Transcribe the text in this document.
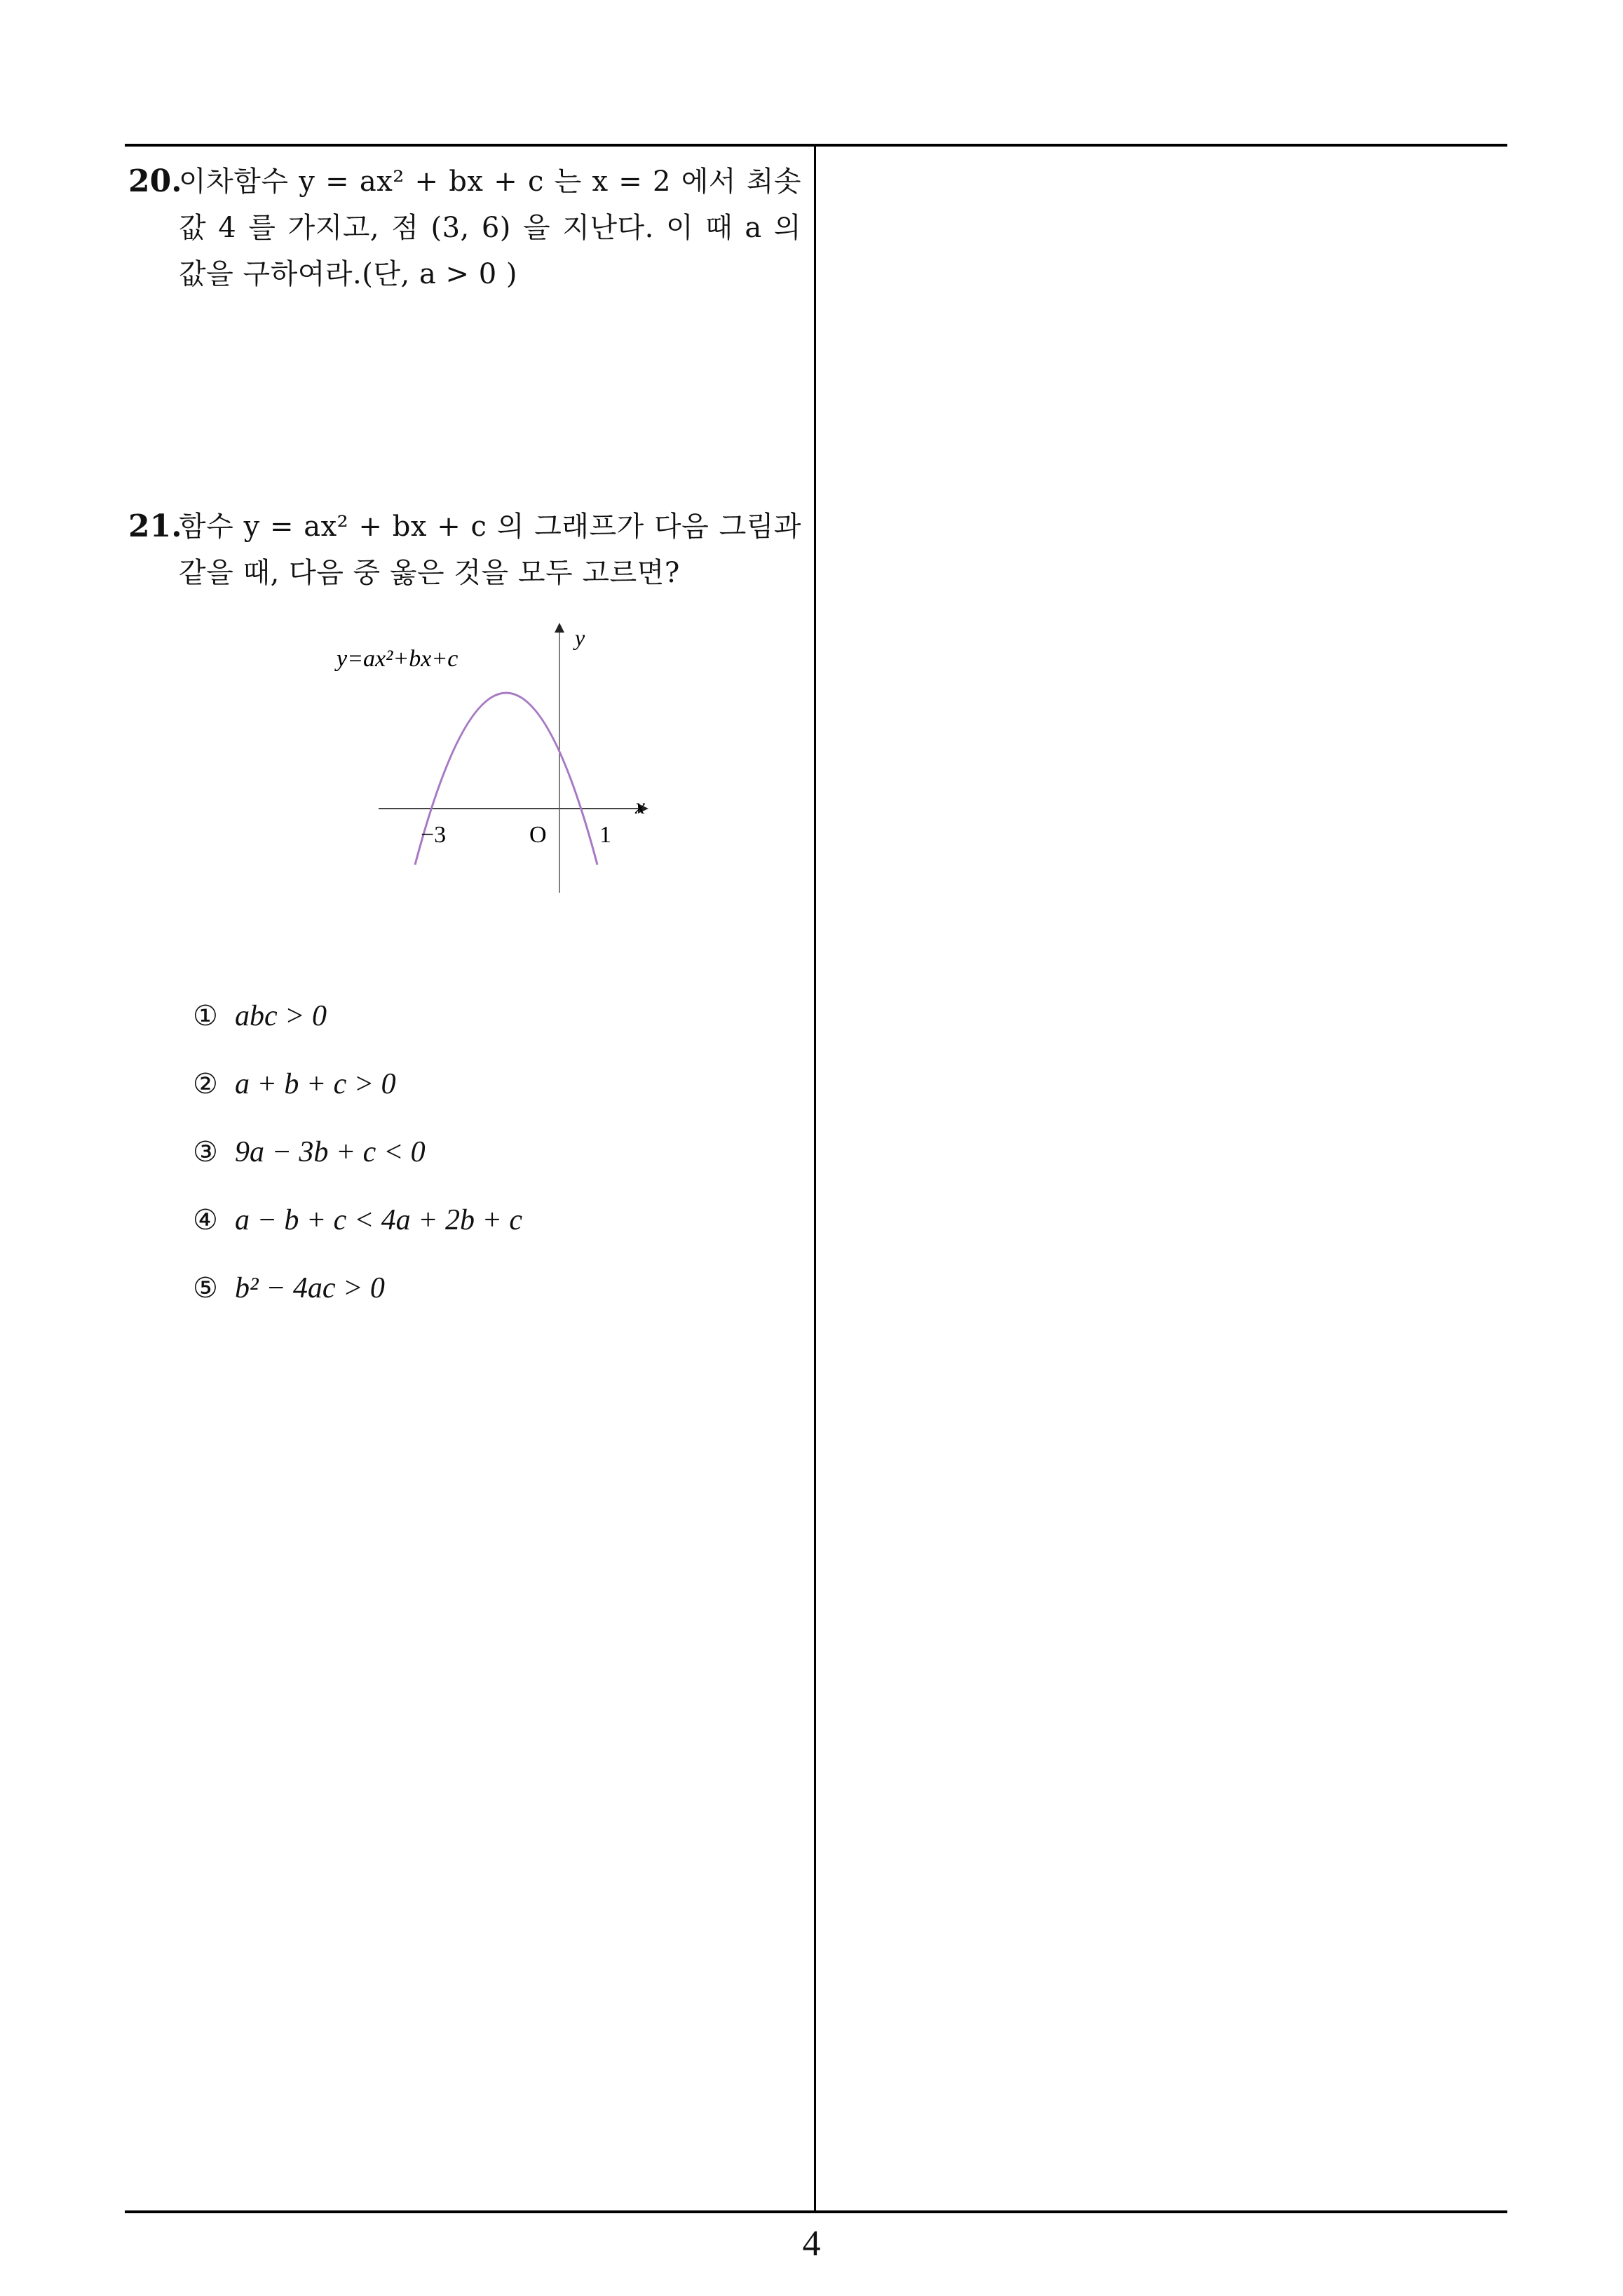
20.
이차함수 y = ax² + bx + c 는 x = 2 에서 최솟값 4 를 가지고, 점 (3, 6) 을 지난다. 이 때 a 의 값을 구하여라.(단, a > 0 )
21.
함수 y = ax² + bx + c 의 그래프가 다음 그림과 같을 때, 다음 중 옳은 것을 모두 고르면?
y=ax²+bx+c
y
x
O
−3	1
① abc > 0
② a + b + c > 0
③ 9a − 3b + c < 0
④ a − b + c < 4a + 2b + c
⑤ b² − 4ac > 0
4
